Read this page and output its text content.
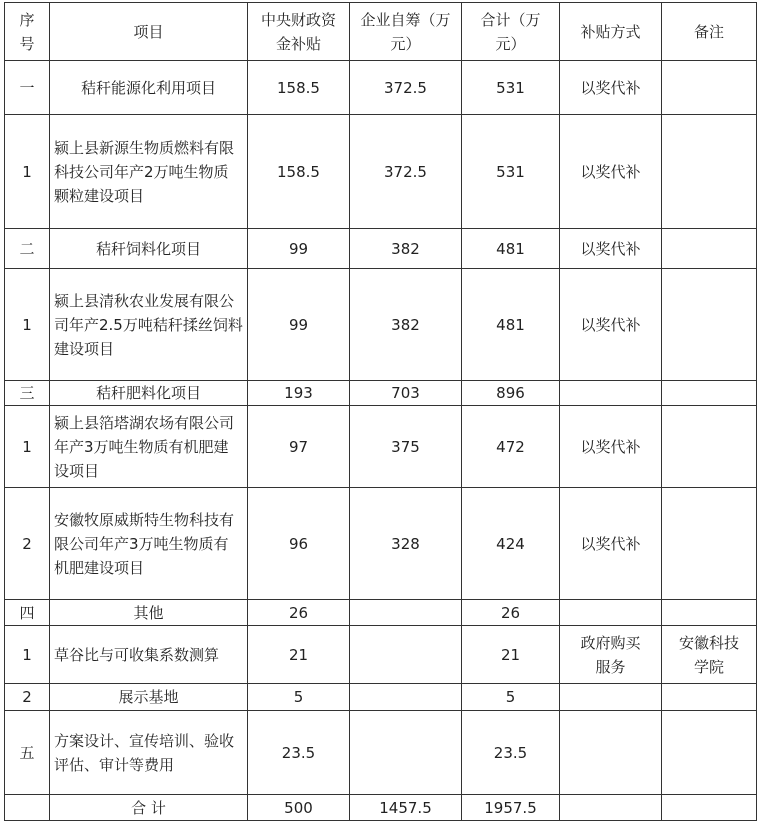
序号	项目	中央财政资金补贴	企业自筹（万元）	合计（万元）	补贴方式	备注
一	秸秆能源化利用项目	158.5	372.5	531	以奖代补	
1	颍上县新源生物质燃料有限科技公司年产2万吨生物质颗粒建设项目	158.5	372.5	531	以奖代补	
二	秸秆饲料化项目	99	382	481	以奖代补	
1	颍上县清秋农业发展有限公司年产2.5万吨秸秆揉丝饲料建设项目	99	382	481	以奖代补	
三	秸秆肥料化项目	193	703	896		
1	颍上县箔塔湖农场有限公司年产3万吨生物质有机肥建设项目	97	375	472	以奖代补	
2	安徽牧原威斯特生物科技有限公司年产3万吨生物质有机肥建设项目	96	328	424	以奖代补	
四	其他	26		26		
1	草谷比与可收集系数测算	21		21	政府购买服务	安徽科技学院
2	展示基地	5		5		
五	方案设计、宣传培训、验收评估、审计等费用	23.5		23.5		
	合 计	500	1457.5	1957.5		
